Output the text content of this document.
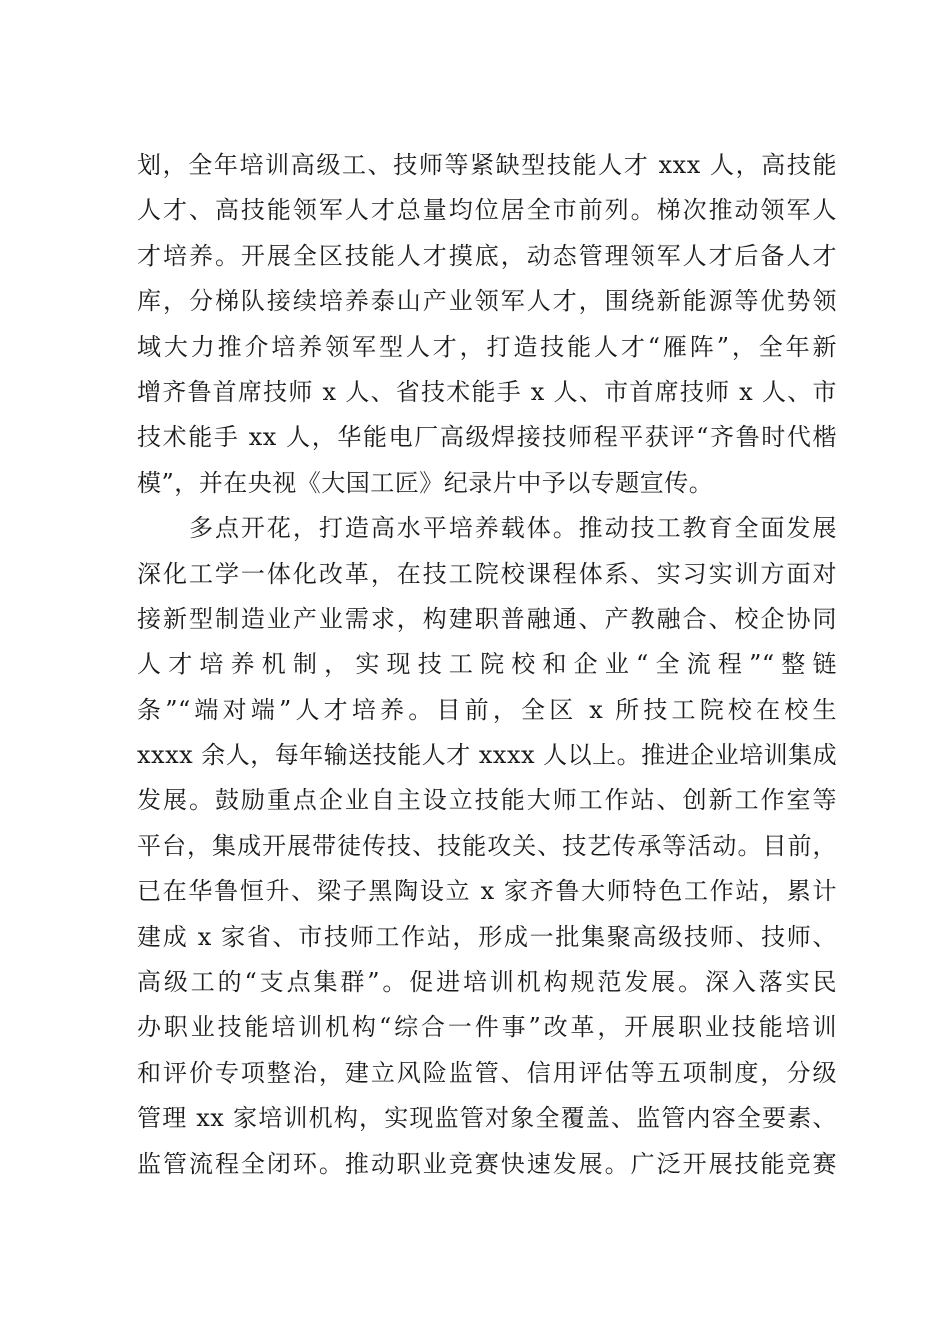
划，全年培训高级工、技师等紧缺型技能人才 xxx 人，高技能
人才、高技能领军人才总量均位居全市前列。梯次推动领军人
才培养。开展全区技能人才摸底，动态管理领军人才后备人才
库，分梯队接续培养泰山产业领军人才，围绕新能源等优势领
域大力推介培养领军型人才，打造技能人才“雁阵”，全年新
增齐鲁首席技师 x 人、省技术能手 x 人、市首席技师 x 人、市
技术能手 xx 人，华能电厂高级焊接技师程平获评“齐鲁时代楷
模”，并在央视《大国工匠》纪录片中予以专题宣传。
　　多点开花，打造高水平培养载体。推动技工教育全面发展
深化工学一体化改革，在技工院校课程体系、实习实训方面对
接新型制造业产业需求，构建职普融通、产教融合、校企协同
人才培养机制，实现技工院校和企业“全流程”“整链
条”“端对端”人才培养。目前，全区 x 所技工院校在校生
xxxx 余人，每年输送技能人才 xxxx 人以上。推进企业培训集成
发展。鼓励重点企业自主设立技能大师工作站、创新工作室等
平台，集成开展带徒传技、技能攻关、技艺传承等活动。目前，
已在华鲁恒升、梁子黑陶设立 x 家齐鲁大师特色工作站，累计
建成 x 家省、市技师工作站，形成一批集聚高级技师、技师、
高级工的“支点集群”。促进培训机构规范发展。深入落实民
办职业技能培训机构“综合一件事”改革，开展职业技能培训
和评价专项整治，建立风险监管、信用评估等五项制度，分级
管理 xx 家培训机构，实现监管对象全覆盖、监管内容全要素、
监管流程全闭环。推动职业竞赛快速发展。广泛开展技能竞赛
